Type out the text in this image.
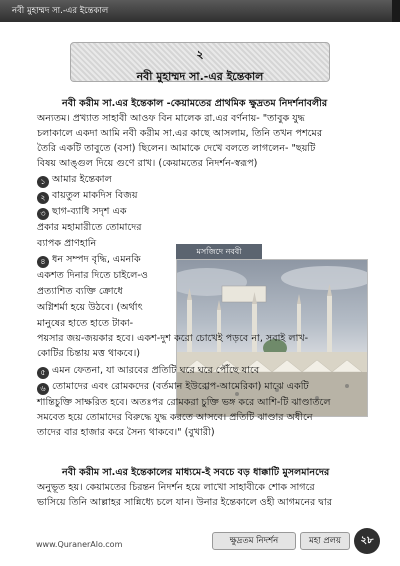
নবী মুহাম্মদ সা.-এর ইন্তেকাল
২
নবী মুহাম্মদ সা.-এর ইন্তেকাল
নবী করীম সা.এর ইন্তেকাল -কেয়ামতের প্রাথমিক ক্ষুদ্রতম নিদর্শনাবলীর
অন্যতম। প্রখ্যাত সাহাবী আওফ বিন মালেক রা.এর বর্ণনায়- "তাবুক যুদ্ধ
চলাকালে একদা আমি নবী করীম সা.এর কাছে আসলাম, তিনি তখন পশমের
তৈরি একটি তাবুতে (বসা) ছিলেন। আমাকে দেখে বলতে লাগলেন- "ছয়টি
বিষয় আঙ্গুল দিয়ে গুণে রাখ। (কেয়ামতের নিদর্শন-স্বরূপ)
১ আমার ইন্তেকাল
২ বায়তুল মাকদিস বিজয়
৩ ছাগ-ব্যাধি সদৃশ এক
প্রকার মহামারীতে তোমাদের
ব্যাপক প্রাণহানি
৪ ধন সম্পদ বৃদ্ধি, এমনকি
একশত দিনার দিতে চাইলে-ও
প্রত্যাশিত ব্যক্তি ক্রোধে
অগ্নিশর্মা হয়ে উঠবে। (অর্থাৎ
মানুষের হাতে হাতে টাকা-
মসজিদে নববী
পয়সার জয়-জয়কার হবে। একশ-দুশ করো চোখেই পড়বে না, সবাই লাখ-
কোটির চিন্তায় মত্ত থাকবে।)
৫ এমন ফেতনা, যা আরবের প্রতিটি ঘরে ঘরে পৌঁছে যাবে
৬ তোমাদের এবং রোমকদের (বর্তমান ইউরোপ-আমেরিকা) মাঝে একটি
শান্তিচুক্তি সাক্ষরিত হবে। অতঃপর রোমকরা চুক্তি ভঙ্গ করে আশি-টি ঝাণ্ডাতলে
সমবেত হয়ে তোমাদের বিরুদ্ধে যুদ্ধ করতে আসবে। প্রতিটি ঝাণ্ডার অধীনে
তাদের বার হাজার করে সৈন্য থাকবে।" (বুখারী)
নবী করীম সা.এর ইন্তেকালের মাধ্যমে-ই সবচে বড় ধাক্কাটি মুসলমানদের
অনুভূত হয়। কেয়ামতের চিরন্তন নিদর্শন হয়ে লাখো সাহাবীকে শোক সাগরে
ভাসিয়ে তিনি আল্লাহর সান্নিধ্যে চলে যান। উনার ইন্তেকালে ওহী আগমনের দ্বার
www.QuranerAlo.com	ক্ষুদ্রতম নিদর্শন	মহা প্রলয়	২৮
